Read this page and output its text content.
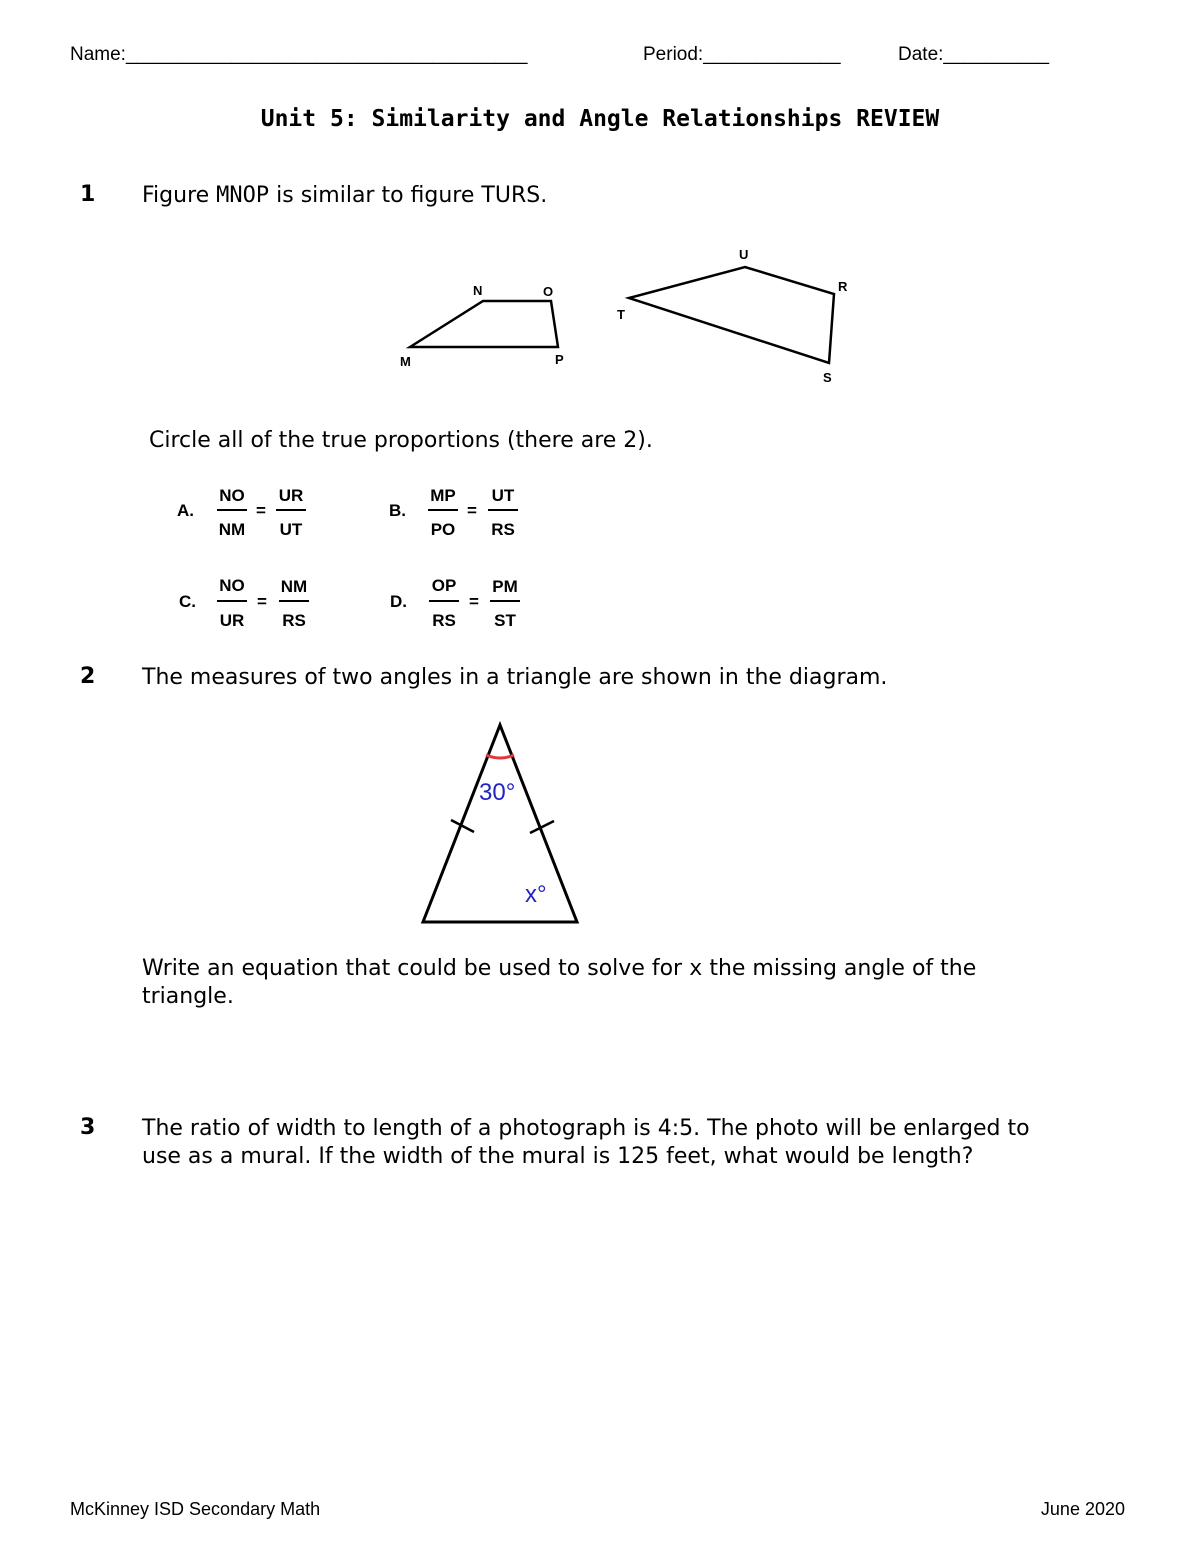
Name:______________________________________	Period:_____________	Date:__________
Unit 5: Similarity and Angle Relationships REVIEW
1 Figure MNOP is similar to figure TURS.
M
N	O
P
T
U
R
S
Circle all of the true proportions (there are 2).
A.
NO
NM
=
UR
UT
B.
MP
PO
=
UT
RS
C.
NO
UR
=
NM
RS
D.
OP
RS
=
PM
ST
2 The measures of two angles in a triangle are shown in the diagram.
30°
x°
Write an equation that could be used to solve for x the missing angle of the
triangle.
3 The ratio of width to length of a photograph is 4:5. The photo will be enlarged to
use as a mural. If the width of the mural is 125 feet, what would be length?
McKinney ISD Secondary Math	June 2020
